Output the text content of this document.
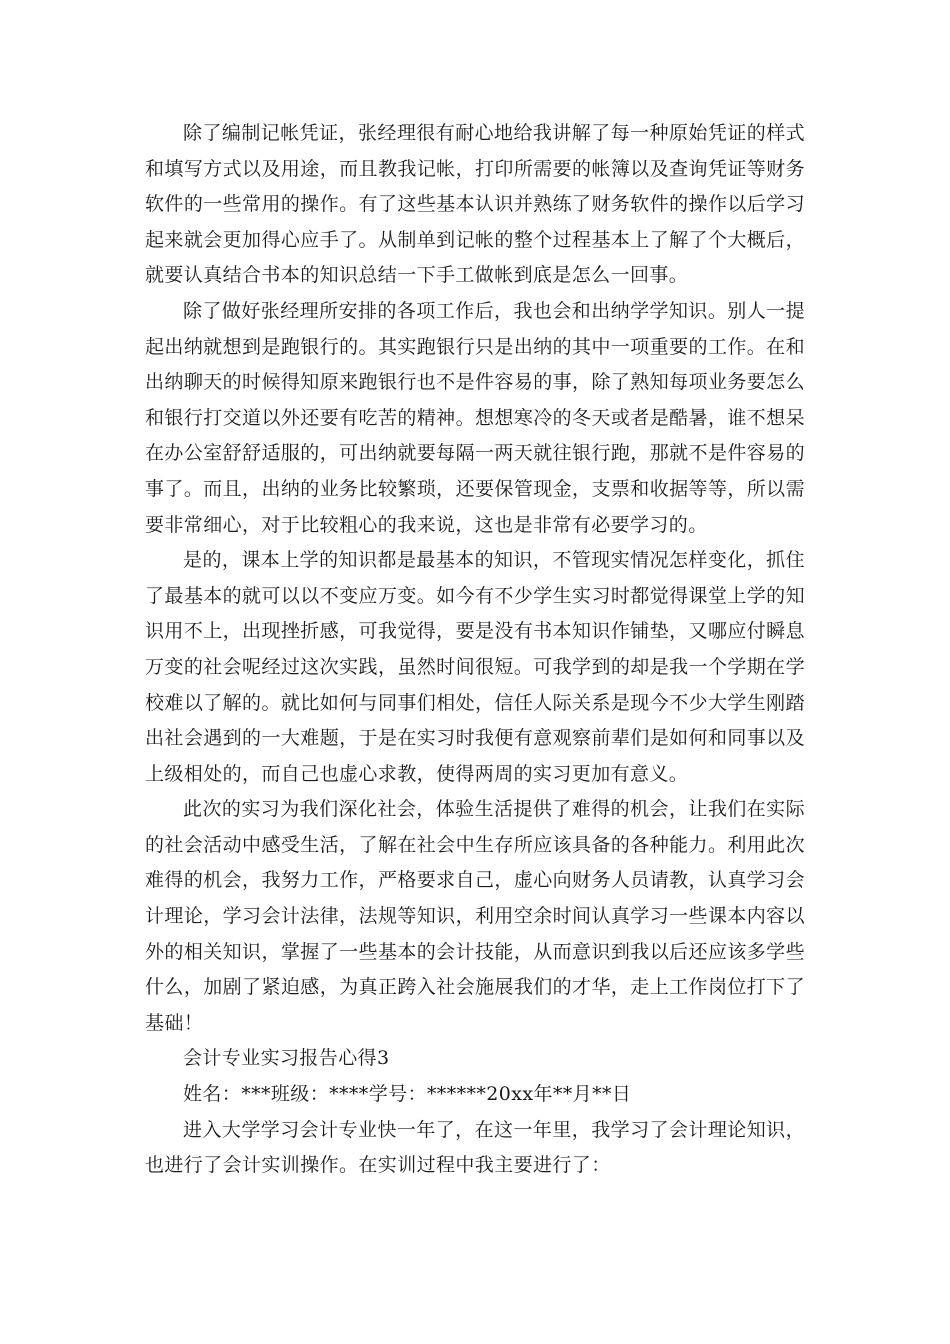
除了编制记帐凭证，张经理很有耐心地给我讲解了每一种原始凭证的样式和填写方式以及用途，而且教我记帐，打印所需要的帐簿以及查询凭证等财务软件的一些常用的操作。有了这些基本认识并熟练了财务软件的操作以后学习起来就会更加得心应手了。从制单到记帐的整个过程基本上了解了个大概后，就要认真结合书本的知识总结一下手工做帐到底是怎么一回事。

除了做好张经理所安排的各项工作后，我也会和出纳学学知识。别人一提起出纳就想到是跑银行的。其实跑银行只是出纳的其中一项重要的工作。在和出纳聊天的时候得知原来跑银行也不是件容易的事，除了熟知每项业务要怎么和银行打交道以外还要有吃苦的精神。想想寒冷的冬天或者是酷暑，谁不想呆在办公室舒舒适服的，可出纳就要每隔一两天就往银行跑，那就不是件容易的事了。而且，出纳的业务比较繁琐，还要保管现金，支票和收据等等，所以需要非常细心，对于比较粗心的我来说，这也是非常有必要学习的。

是的，课本上学的知识都是最基本的知识，不管现实情况怎样变化，抓住了最基本的就可以以不变应万变。如今有不少学生实习时都觉得课堂上学的知识用不上，出现挫折感，可我觉得，要是没有书本知识作铺垫，又哪应付瞬息万变的社会呢经过这次实践，虽然时间很短。可我学到的却是我一个学期在学校难以了解的。就比如何与同事们相处，信任人际关系是现今不少大学生刚踏出社会遇到的一大难题，于是在实习时我便有意观察前辈们是如何和同事以及上级相处的，而自己也虚心求教，使得两周的实习更加有意义。

此次的实习为我们深化社会，体验生活提供了难得的机会，让我们在实际的社会活动中感受生活，了解在社会中生存所应该具备的各种能力。利用此次难得的机会，我努力工作，严格要求自己，虚心向财务人员请教，认真学习会计理论，学习会计法律，法规等知识，利用空余时间认真学习一些课本内容以外的相关知识，掌握了一些基本的会计技能，从而意识到我以后还应该多学些什么，加剧了紧迫感，为真正跨入社会施展我们的才华，走上工作岗位打下了基础！

会计专业实习报告心得3

姓名：***班级：****学号：******20xx年**月**日

进入大学学习会计专业快一年了，在这一年里，我学习了会计理论知识，也进行了会计实训操作。在实训过程中我主要进行了：
